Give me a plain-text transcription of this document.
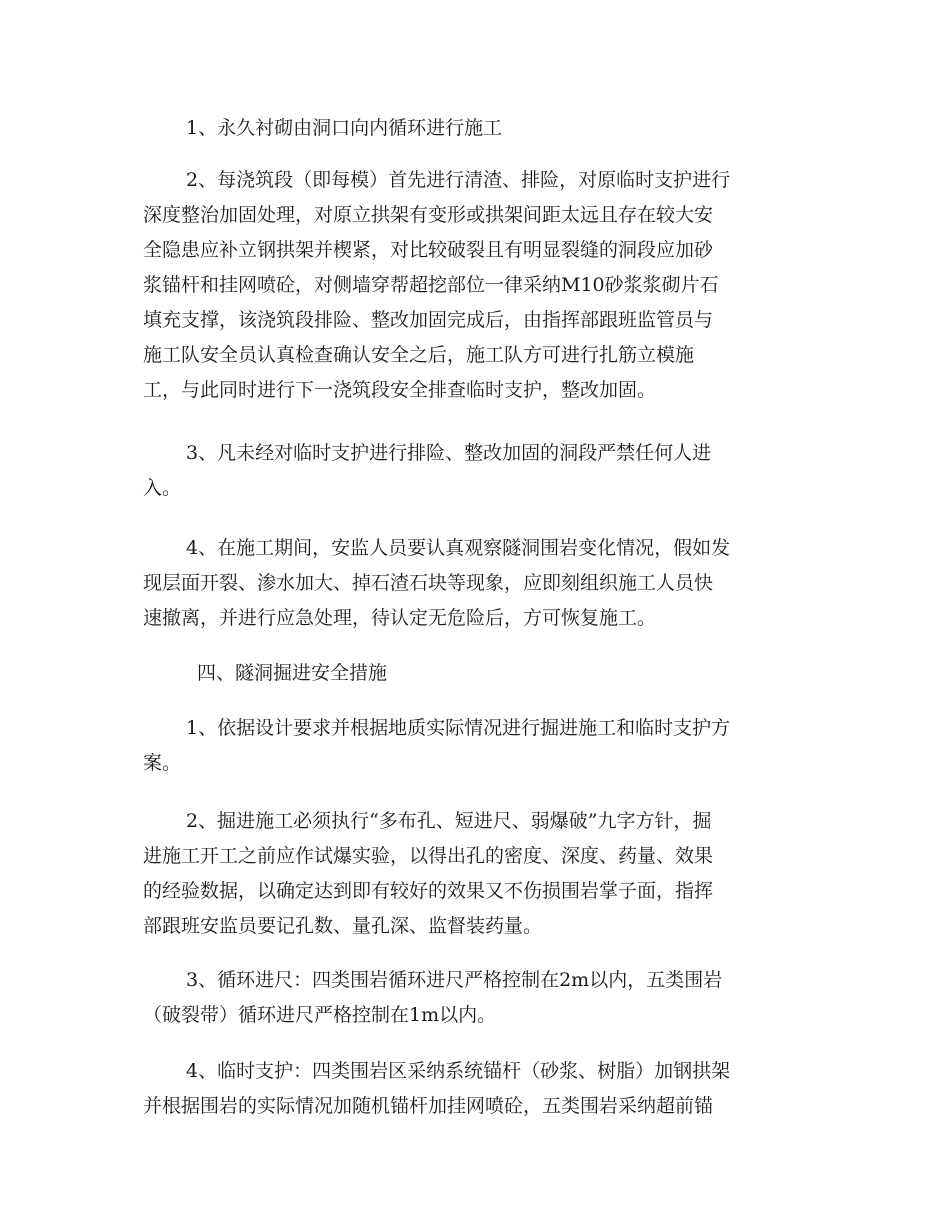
1、永久衬砌由洞口向内循环进行施工
2、每浇筑段（即每模）首先进行清渣、排险，对原临时支护进行
深度整治加固处理，对原立拱架有变形或拱架间距太远且存在较大安
全隐患应补立钢拱架并楔紧，对比较破裂且有明显裂缝的洞段应加砂
浆锚杆和挂网喷砼，对侧墙穿帮超挖部位一律采纳M10砂浆浆砌片石
填充支撑，该浇筑段排险、整改加固完成后，由指挥部跟班监管员与
施工队安全员认真检查确认安全之后，施工队方可进行扎筋立模施
工，与此同时进行下一浇筑段安全排查临时支护，整改加固。
3、凡未经对临时支护进行排险、整改加固的洞段严禁任何人进
入。
4、在施工期间，安监人员要认真观察隧洞围岩变化情况，假如发
现层面开裂、渗水加大、掉石渣石块等现象，应即刻组织施工人员快
速撤离，并进行应急处理，待认定无危险后，方可恢复施工。
四、隧洞掘进安全措施
1、依据设计要求并根据地质实际情况进行掘进施工和临时支护方
案。
2、掘进施工必须执行“多布孔、短进尺、弱爆破”九字方针，掘
进施工开工之前应作试爆实验，以得出孔的密度、深度、药量、效果
的经验数据，以确定达到即有较好的效果又不伤损围岩掌子面，指挥
部跟班安监员要记孔数、量孔深、监督装药量。
3、循环进尺：四类围岩循环进尺严格控制在2m以内，五类围岩
（破裂带）循环进尺严格控制在1m以内。
4、临时支护：四类围岩区采纳系统锚杆（砂浆、树脂）加钢拱架
并根据围岩的实际情况加随机锚杆加挂网喷砼，五类围岩采纳超前锚
